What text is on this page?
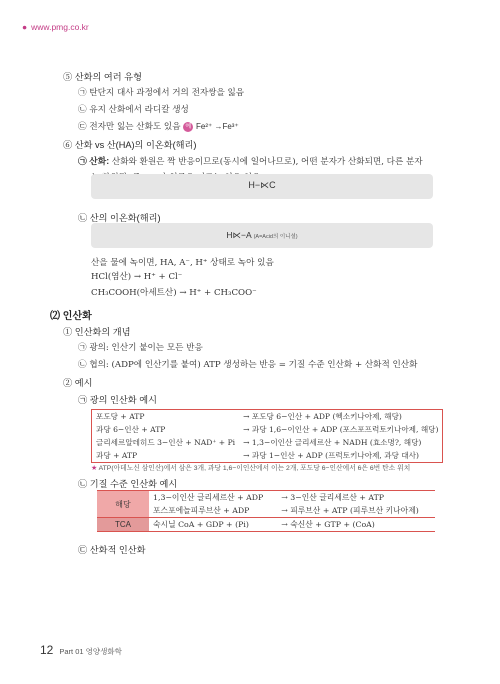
● www.pmg.co.kr
⑤ 산화의 여러 유형
㉠ 탄단지 대사 과정에서 거의 전자쌍을 잃음
㉡ 유지 산화에서 라디칼 생성
㉢ 전자만 잃는 산화도 있음 예 Fe²⁺ →Fe³⁺
⑥ 산화 vs 산(HA)의 이온화(해리)
㉠ 산화: 산화와 환원은 짝 반응이므로(동시에 일어나므로), 어떤 분자가 산화되면, 다른 분자
H−⋉C
㉡ 산의 이온화(해리)
H⋉−A (A=Acid의 이니셜)
산을 물에 녹이면, HA, A⁻, H⁺ 상태로 녹아 있음
HCl(염산) → H⁺ + Cl⁻
CH₃COOH(아세트산) → H⁺ + CH₃COO⁻
⑵ 인산화
① 인산화의 개념
㉠ 광의: 인산기 붙이는 모든 반응
㉡ 협의: (ADP에 인산기를 붙여) ATP 생성하는 반응 = 기질 수준 인산화 + 산화적 인산화
② 예시
㉠ 광의 인산화 예시
포도당 + ATP	→ 포도당 6−인산 + ADP (헥소키나아제, 해당)
과당 6−인산 + ATP	→ 과당 1,6−이인산 + ADP (포스포프럭토키나아제, 해당)
글리세르알데히드 3−인산 + NAD⁺ + Pi	→ 1,3−이인산 글리세르산 + NADH (효소명?, 해당)
과당 + ATP	→ 과당 1−인산 + ADP (프럭토키나아제, 과당 대사)
★ ATP(아데노신 삼인산)에서 삼은 3개, 과당 1,6−이인산에서 이는 2개, 포도당 6−인산에서 6은 6번 탄소 위치
㉡ 기질 수준 인산화 예시
해당	1,3−이인산 글리세르산 + ADP	→ 3−인산 글리세르산 + ATP
	포스포에놀피루브산 + ADP	→ 피루브산 + ATP (피루브산 키나아제)
TCA	숙시닐 CoA + GDP + (Pi)	→ 숙신산 + GTP + (CoA)
㉢ 산화적 인산화
12 Part 01 영양생화학
